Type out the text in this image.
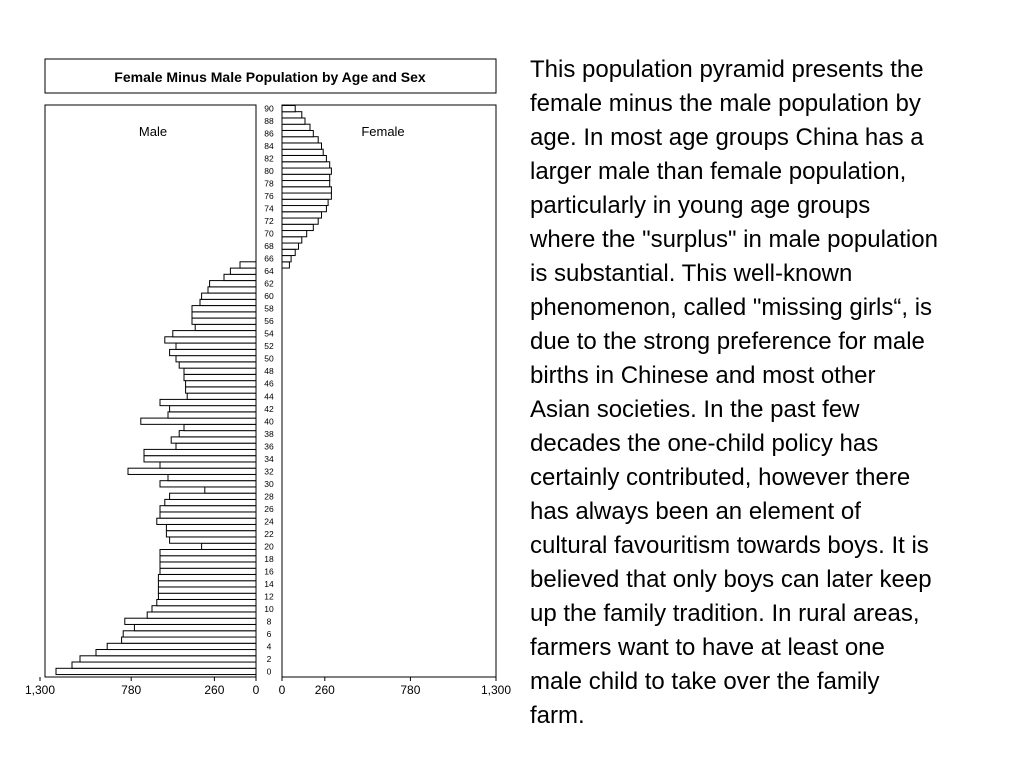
Female Minus Male Population by Age and Sex
Male	Female
90
88
86
84
82
80
78
76
74
72
70
68
66
64
62
60
58
56
54
52
50
48
46
44
42
40
38
36
34
32
30
28
26
24
22
20
18
16
14
12
10
8
6
4
2
0
1,300	780	260 0 0 260	780	1,300

This population pyramid presents the
female minus the male population by
age. In most age groups China has a
larger male than female population,
particularly in young age groups
where the "surplus" in male population
is substantial. This well-known
phenomenon, called "missing girls“, is
due to the strong preference for male
births in Chinese and most other
Asian societies. In the past few
decades the one-child policy has
certainly contributed, however there
has always been an element of
cultural favouritism towards boys. It is
believed that only boys can later keep
up the family tradition. In rural areas,
farmers want to have at least one
male child to take over the family
farm.
